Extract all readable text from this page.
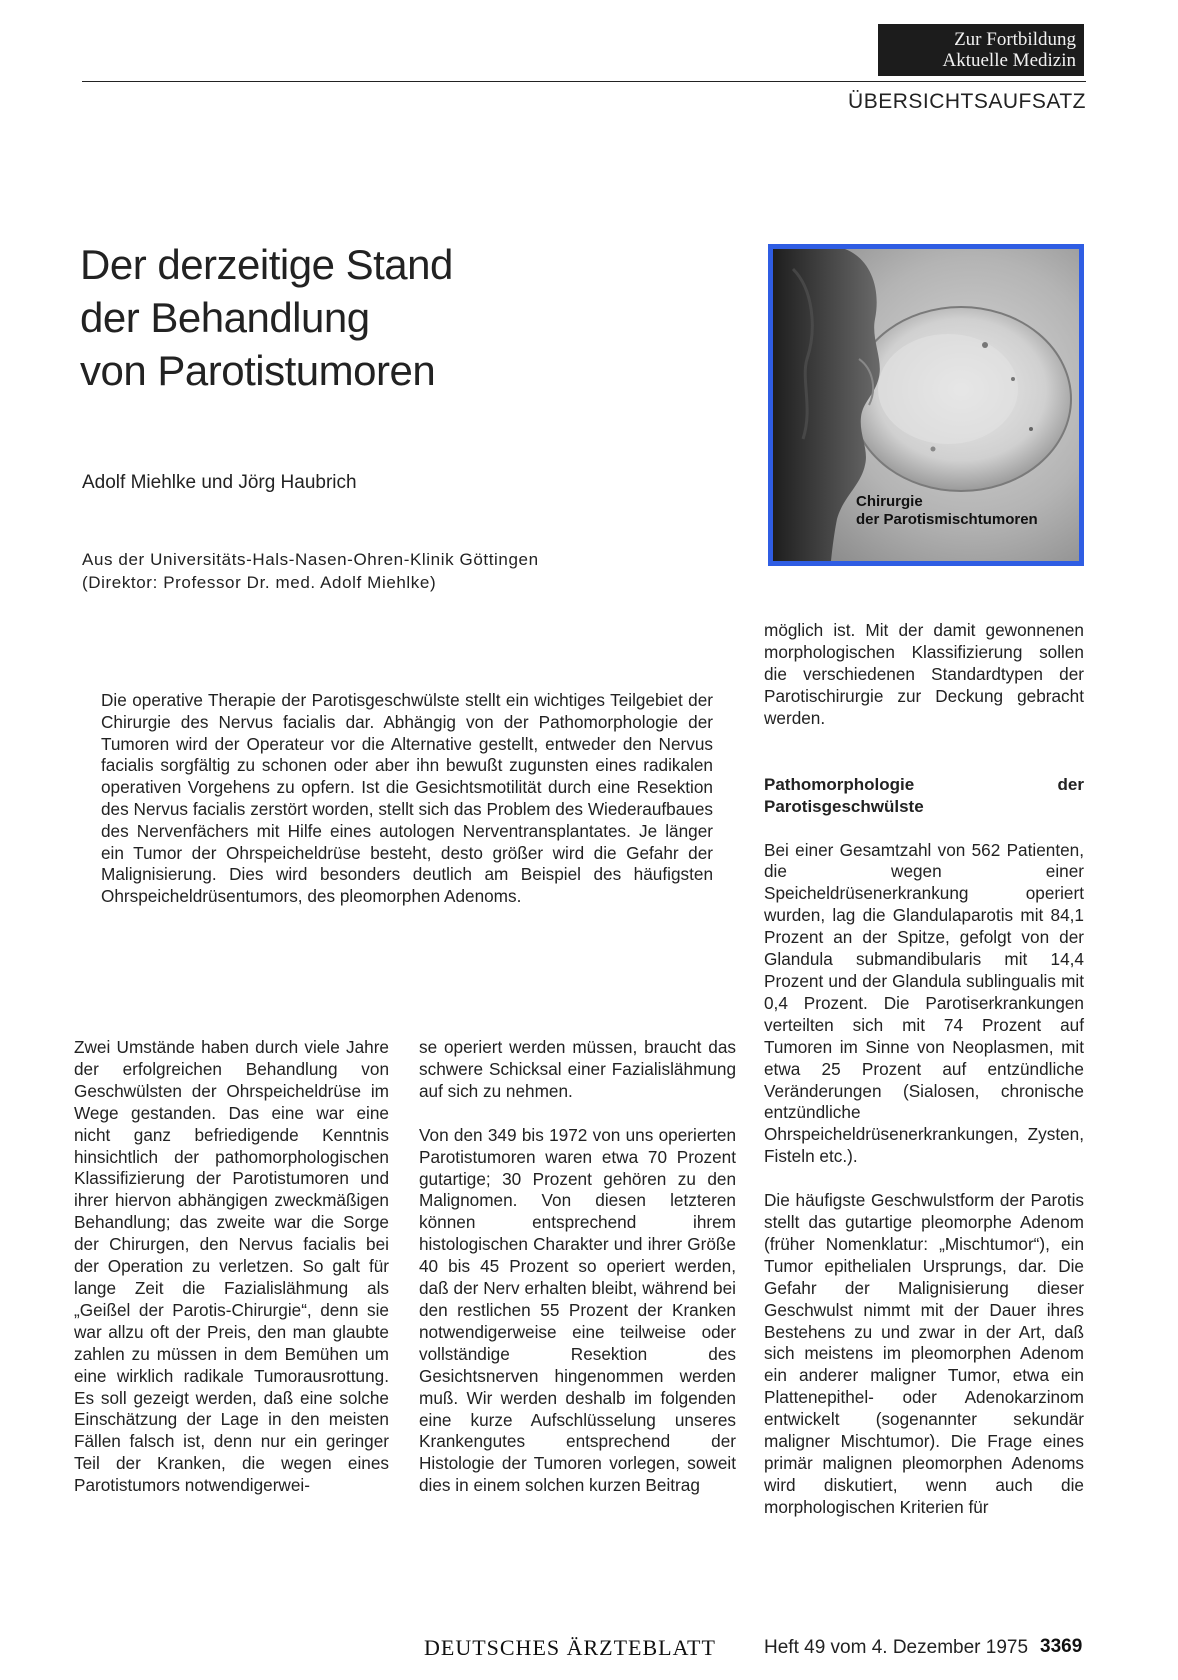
Zur Fortbildung
Aktuelle Medizin
ÜBERSICHTSAUFSATZ
Der derzeitige Stand
der Behandlung
von Parotistumoren
Adolf Miehlke und Jörg Haubrich
Aus der Universitäts-Hals-Nasen-Ohren-Klinik Göttingen
(Direktor: Professor Dr. med. Adolf Miehlke)
Chirurgie
der Parotismischtumoren
Die operative Therapie der Parotisgeschwülste stellt ein wichtiges Teilgebiet der Chirurgie des Nervus facialis dar. Abhängig von der Pathomorphologie der Tumoren wird der Operateur vor die Alternative gestellt, entweder den Nervus facialis sorgfältig zu schonen oder aber ihn bewußt zugunsten eines radikalen operativen Vorgehens zu opfern. Ist die Gesichtsmotilität durch eine Resektion des Nervus facialis zerstört worden, stellt sich das Problem des Wiederaufbaues des Nervenfächers mit Hilfe eines autologen Nerventransplantates. Je länger ein Tumor der Ohrspeicheldrüse besteht, desto größer wird die Gefahr der Malignisierung. Dies wird besonders deutlich am Beispiel des häufigsten Ohrspeicheldrüsentumors, des pleomorphen Adenoms.

Zwei Umstände haben durch viele Jahre der erfolgreichen Behandlung von Geschwülsten der Ohrspeicheldrüse im Wege gestanden. Das eine war eine nicht ganz befriedigende Kenntnis hinsichtlich der pathomorphologischen Klassifizierung der Parotistumoren und ihrer hiervon abhängigen zweckmäßigen Behandlung; das zweite war die Sorge der Chirurgen, den Nervus facialis bei der Operation zu verletzen. So galt für lange Zeit die Fazialislähmung als „Geißel der Parotis-Chirurgie“, denn sie war allzu oft der Preis, den man glaubte zahlen zu müssen in dem Bemühen um eine wirklich radikale Tumorausrottung. Es soll gezeigt werden, daß eine solche Einschätzung der Lage in den meisten Fällen falsch ist, denn nur ein geringer Teil der Kranken, die wegen eines Parotistumors notwendigerwei-

se operiert werden müssen, braucht das schwere Schicksal einer Fazialislähmung auf sich zu nehmen.

Von den 349 bis 1972 von uns operierten Parotistumoren waren etwa 70 Prozent gutartige; 30 Prozent gehören zu den Malignomen. Von diesen letzteren können entsprechend ihrem histologischen Charakter und ihrer Größe 40 bis 45 Prozent so operiert werden, daß der Nerv erhalten bleibt, während bei den restlichen 55 Prozent der Kranken notwendigerweise eine teilweise oder vollständige Resektion des Gesichtsnerven hingenommen werden muß. Wir werden deshalb im folgenden eine kurze Aufschlüsselung unseres Krankengutes entsprechend der Histologie der Tumoren vorlegen, soweit dies in einem solchen kurzen Beitrag

möglich ist. Mit der damit gewonnenen morphologischen Klassifizierung sollen die verschiedenen Standardtypen der Parotischirurgie zur Deckung gebracht werden.

Pathomorphologie der Parotisgeschwülste

Bei einer Gesamtzahl von 562 Patienten, die wegen einer Speicheldrüsenerkrankung operiert wurden, lag die Glandulaparotis mit 84,1 Prozent an der Spitze, gefolgt von der Glandula submandibularis mit 14,4 Prozent und der Glandula sublingualis mit 0,4 Prozent. Die Parotiserkrankungen verteilten sich mit 74 Prozent auf Tumoren im Sinne von Neoplasmen, mit etwa 25 Prozent auf entzündliche Veränderungen (Sialosen, chronische entzündliche Ohrspeicheldrüsenerkrankungen, Zysten, Fisteln etc.).

Die häufigste Geschwulstform der Parotis stellt das gutartige pleomorphe Adenom (früher Nomenklatur: „Mischtumor“), ein Tumor epithelialen Ursprungs, dar. Die Gefahr der Malignisierung dieser Geschwulst nimmt mit der Dauer ihres Bestehens zu und zwar in der Art, daß sich meistens im pleomorphen Adenom ein anderer maligner Tumor, etwa ein Plattenepithel- oder Adenokarzinom entwickelt (sogenannter sekundär maligner Mischtumor). Die Frage eines primär malignen pleomorphen Adenoms wird diskutiert, wenn auch die morphologischen Kriterien für

DEUTSCHES ÄRZTEBLATT	Heft 49 vom 4. Dezember 1975 3369
